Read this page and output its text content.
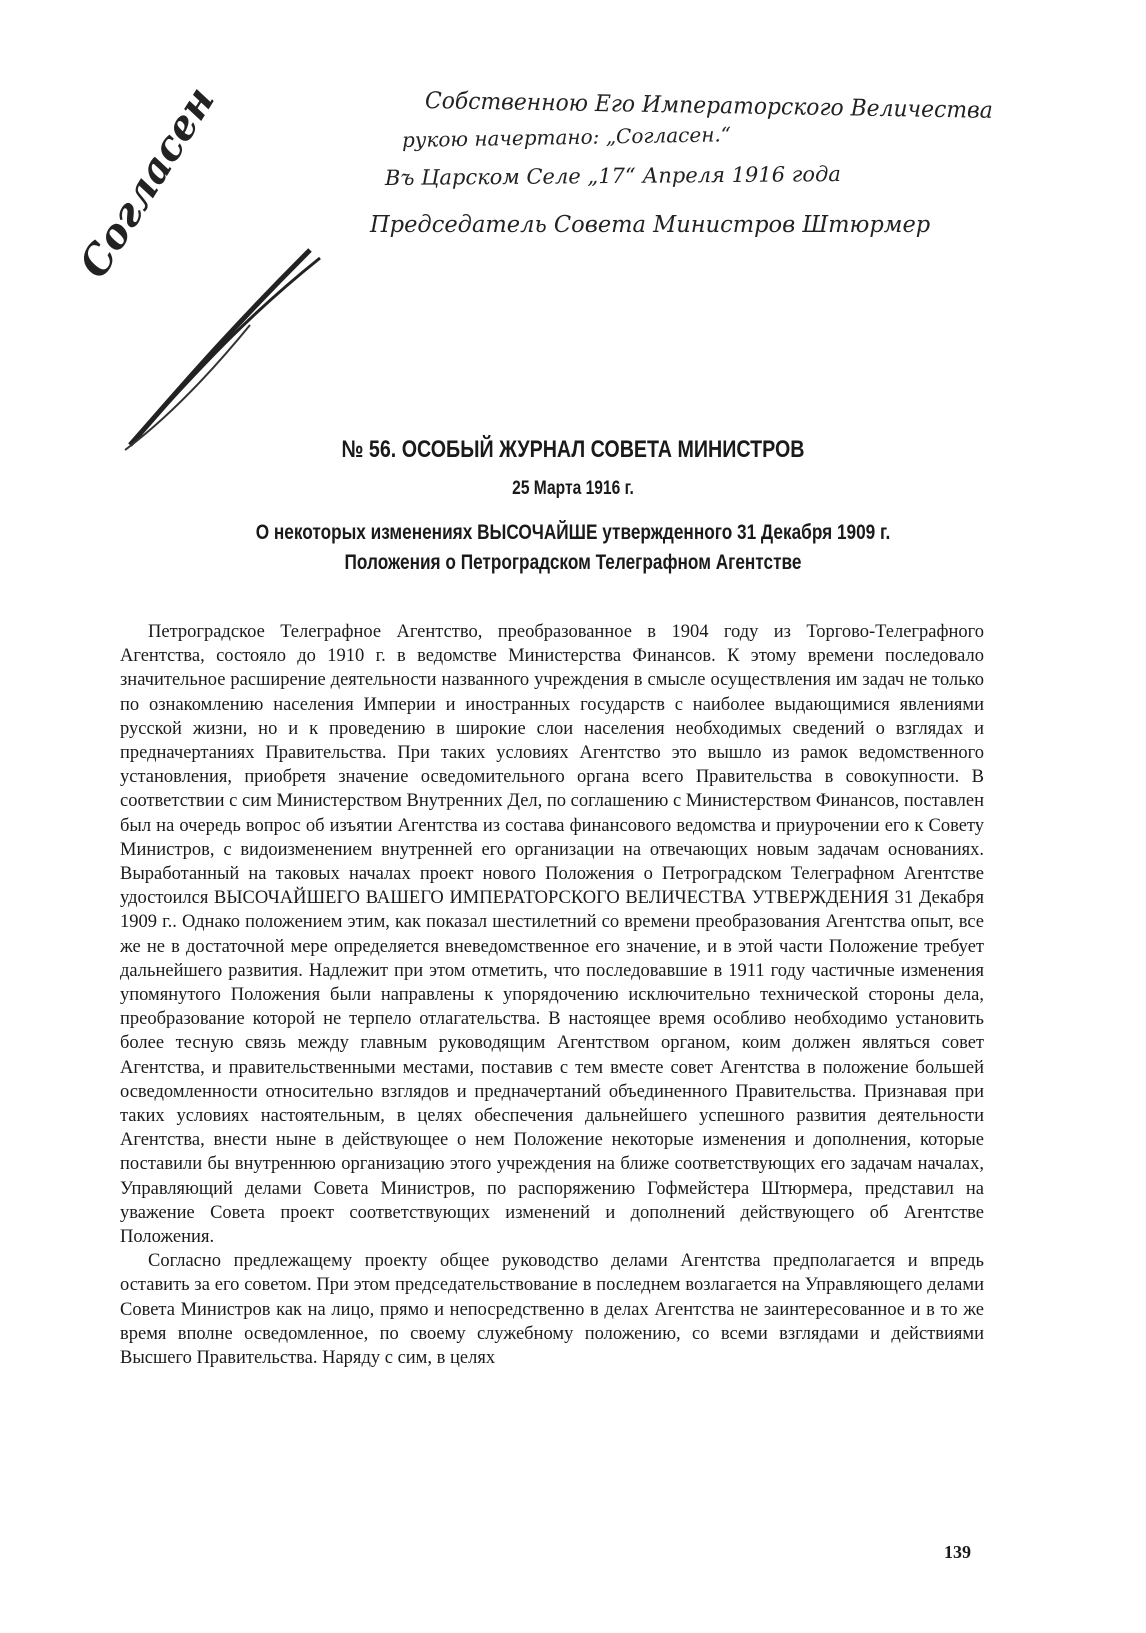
Собственною Его Императорского Величества
рукою начертано: „Согласен.“
Въ Царском Селе „17“ Апреля 1916 года
Председатель Совета Министров Штюрмер
Согласен
№ 56. ОСОБЫЙ ЖУРНАЛ СОВЕТА МИНИСТРОВ
25 Марта 1916 г.
О некоторых изменениях ВЫСОЧАЙШЕ утвержденного 31 Декабря 1909 г.
Положения о Петроградском Телеграфном Агентстве

Петроградское Телеграфное Агентство, преобразованное в 1904 году из Торгово-Телеграфного Агентства, состояло до 1910 г. в ведомстве Министерства Финансов. К этому времени последовало значительное расширение деятельности названного учреждения в смысле осуществления им задач не только по ознакомлению населения Империи и иностранных государств с наиболее выдающимися явлениями русской жизни, но и к проведению в широкие слои населения необходимых сведений о взглядах и предначертаниях Правительства. При таких условиях Агентство это вышло из рамок ведомственного установления, приобретя значение осведомительного органа всего Правительства в совокупности. В соответствии с сим Министерством Внутренних Дел, по соглашению с Министерством Финансов, поставлен был на очередь вопрос об изъятии Агентства из состава финансового ведомства и приурочении его к Совету Министров, с видоизменением внутренней его организации на отвечающих новым задачам основаниях. Выработанный на таковых началах проект нового Положения о Петроградском Телеграфном Агентстве удостоился ВЫСОЧАЙШЕГО ВАШЕГО ИМПЕРАТОРСКОГО ВЕЛИЧЕСТВА УТВЕРЖДЕНИЯ 31 Декабря 1909 г.. Однако положением этим, как показал шестилетний со времени преобразования Агентства опыт, все же не в достаточной мере определяется вневедомственное его значение, и в этой части Положение требует дальнейшего развития. Надлежит при этом отметить, что последовавшие в 1911 году частичные изменения упомянутого Положения были направлены к упорядочению исключительно технической стороны дела, преобразование которой не терпело отлагательства. В настоящее время особливо необходимо установить более тесную связь между главным руководящим Агентством органом, коим должен являться совет Агентства, и правительственными местами, поставив с тем вместе совет Агентства в положение большей осведомленности относительно взглядов и предначертаний объединенного Правительства. Признавая при таких условиях настоятельным, в целях обеспечения дальнейшего успешного развития деятельности Агентства, внести ныне в действующее о нем Положение некоторые изменения и дополнения, которые поставили бы внутреннюю организацию этого учреждения на ближе соответствующих его задачам началах, Управляющий делами Совета Министров, по распоряжению Гофмейстера Штюрмера, представил на уважение Совета проект соответствующих изменений и дополнений действующего об Агентстве Положения.

Согласно предлежащему проекту общее руководство делами Агентства предполагается и впредь оставить за его советом. При этом председательствование в последнем возлагается на Управляющего делами Совета Министров как на лицо, прямо и непосредственно в делах Агентства не заинтересованное и в то же время вполне осведомленное, по своему служебному положению, со всеми взглядами и действиями Высшего Правительства. Наряду с сим, в целях

139
